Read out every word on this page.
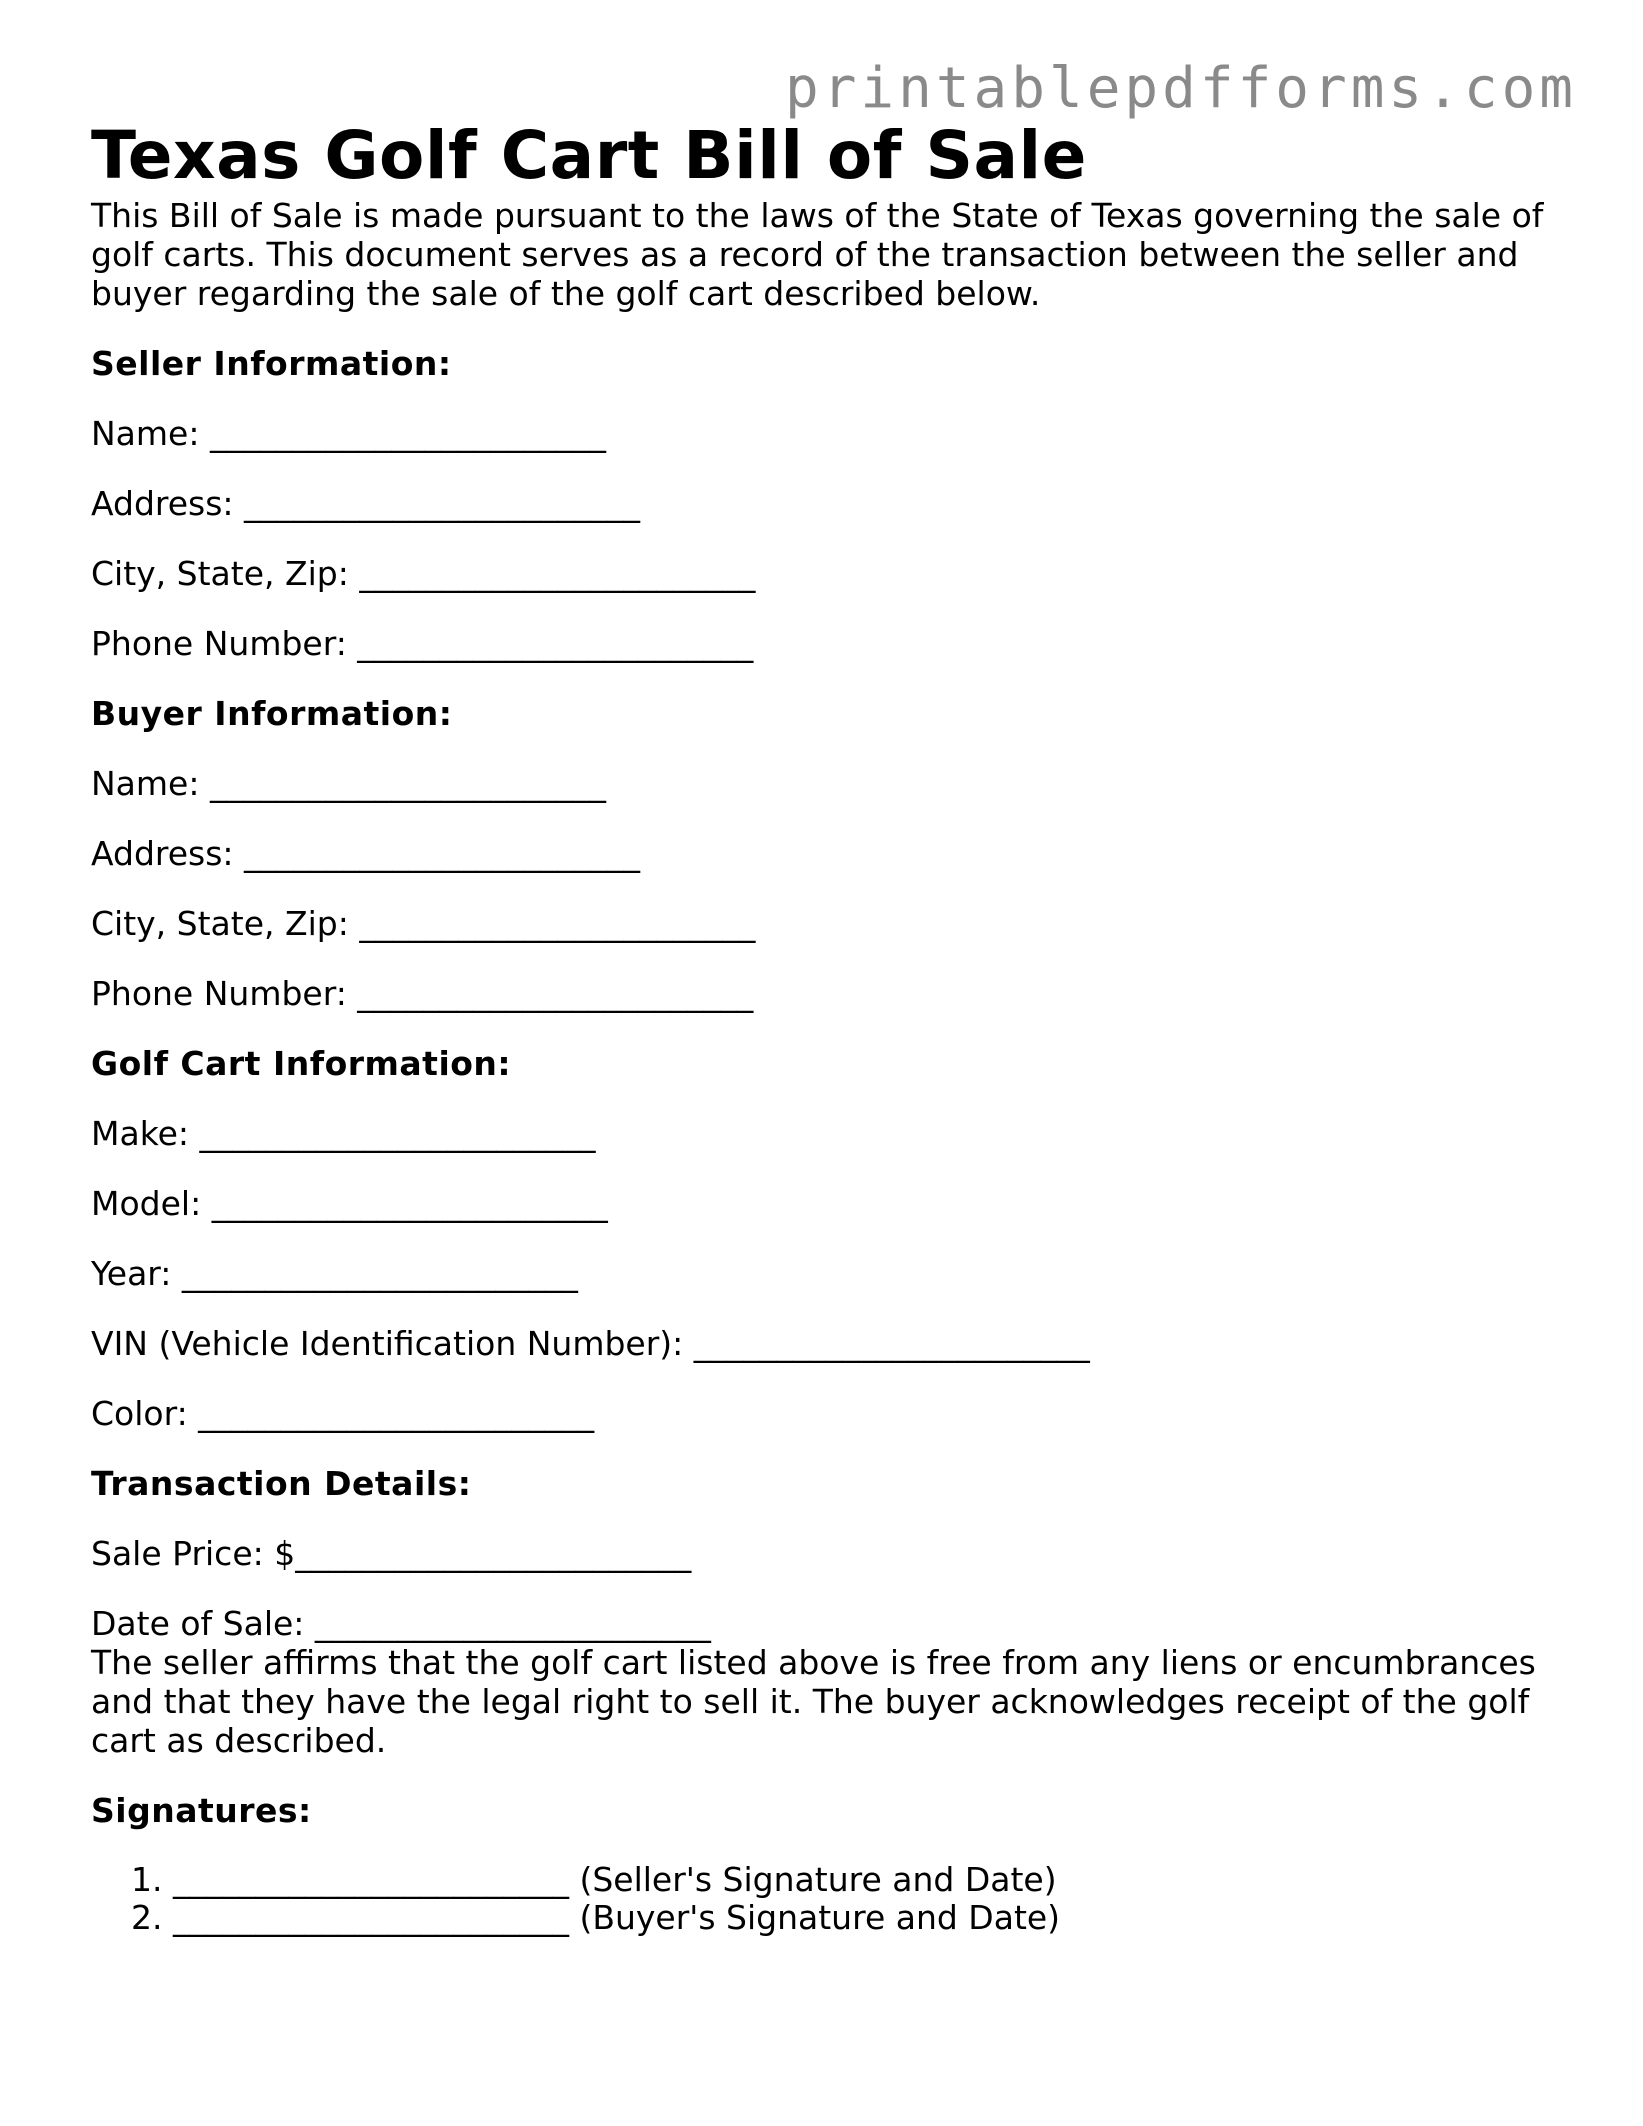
printablepdfforms.com
Texas Golf Cart Bill of Sale

This Bill of Sale is made pursuant to the laws of the State of Texas governing the sale of golf carts. This document serves as a record of the transaction between the seller and buyer regarding the sale of the golf cart described below.

Seller Information:
Name: ________________________
Address: ________________________
City, State, Zip: ________________________
Phone Number: ________________________
Buyer Information:
Name: ________________________
Address: ________________________
City, State, Zip: ________________________
Phone Number: ________________________
Golf Cart Information:
Make: ________________________
Model: ________________________
Year: ________________________
VIN (Vehicle Identification Number): ________________________
Color: ________________________
Transaction Details:
Sale Price: $________________________
Date of Sale: ________________________

The seller affirms that the golf cart listed above is free from any liens or encumbrances and that they have the legal right to sell it. The buyer acknowledges receipt of the golf cart as described.

Signatures:
1. ________________________ (Seller's Signature and Date)
2. ________________________ (Buyer's Signature and Date)
